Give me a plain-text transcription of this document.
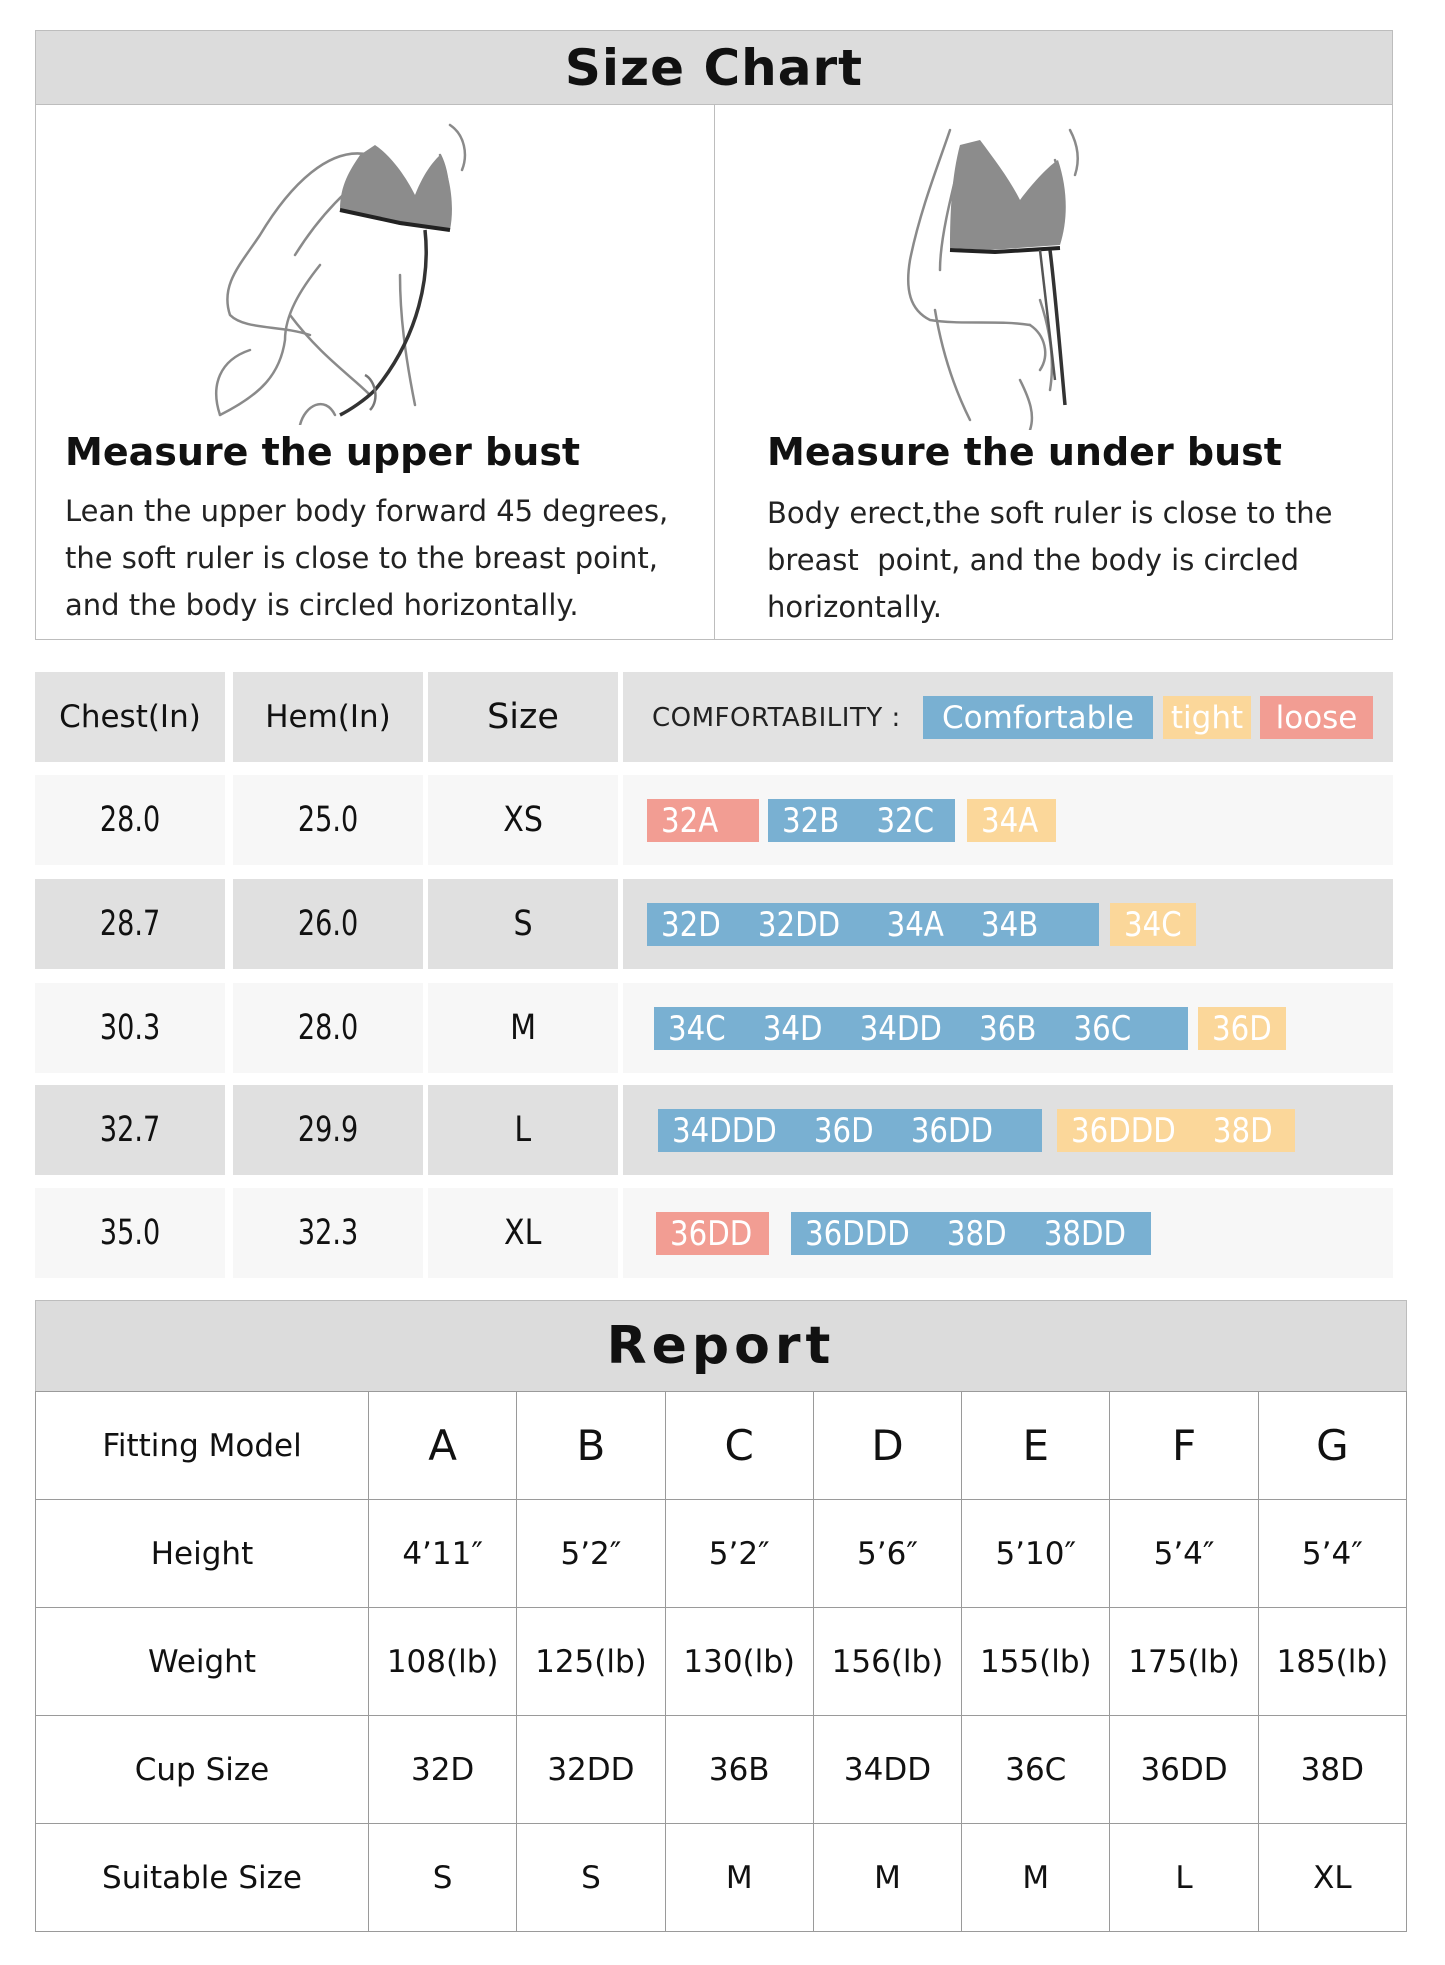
Size Chart
Measure the upper bust
Lean the upper body forward 45 degrees,
the soft ruler is close to the breast point,
and the body is circled horizontally.
Measure the under bust
Body erect,the soft ruler is close to the
breast  point, and the body is circled
horizontally.
Chest(In)	Hem(In)	Size	COMFORTABILITY :	Comfortable	tight	loose
28.0	25.0	XS	32A 32B    32C 34A
28.7	26.0	S	32D    32DD     34A    34B	34C
30.3	28.0	M	34C    34D    34DD    36B    36C 36D
32.7	29.9	L	34DDD    36D    36DD 36DDD    38D
35.0	32.3	XL	36DD 36DDD    38D    38DD
Report
Fitting Model	A	B	C	D	E	F	G
Height	4’11″	5’2″	5’2″	5’6″	5’10″	5’4″	5’4″
Weight	108(lb)	125(lb)	130(lb)	156(lb)	155(lb)	175(lb)	185(lb)
Cup Size	32D	32DD	36B	34DD	36C	36DD	38D
Suitable Size	S	S	M	M	M	L	XL
